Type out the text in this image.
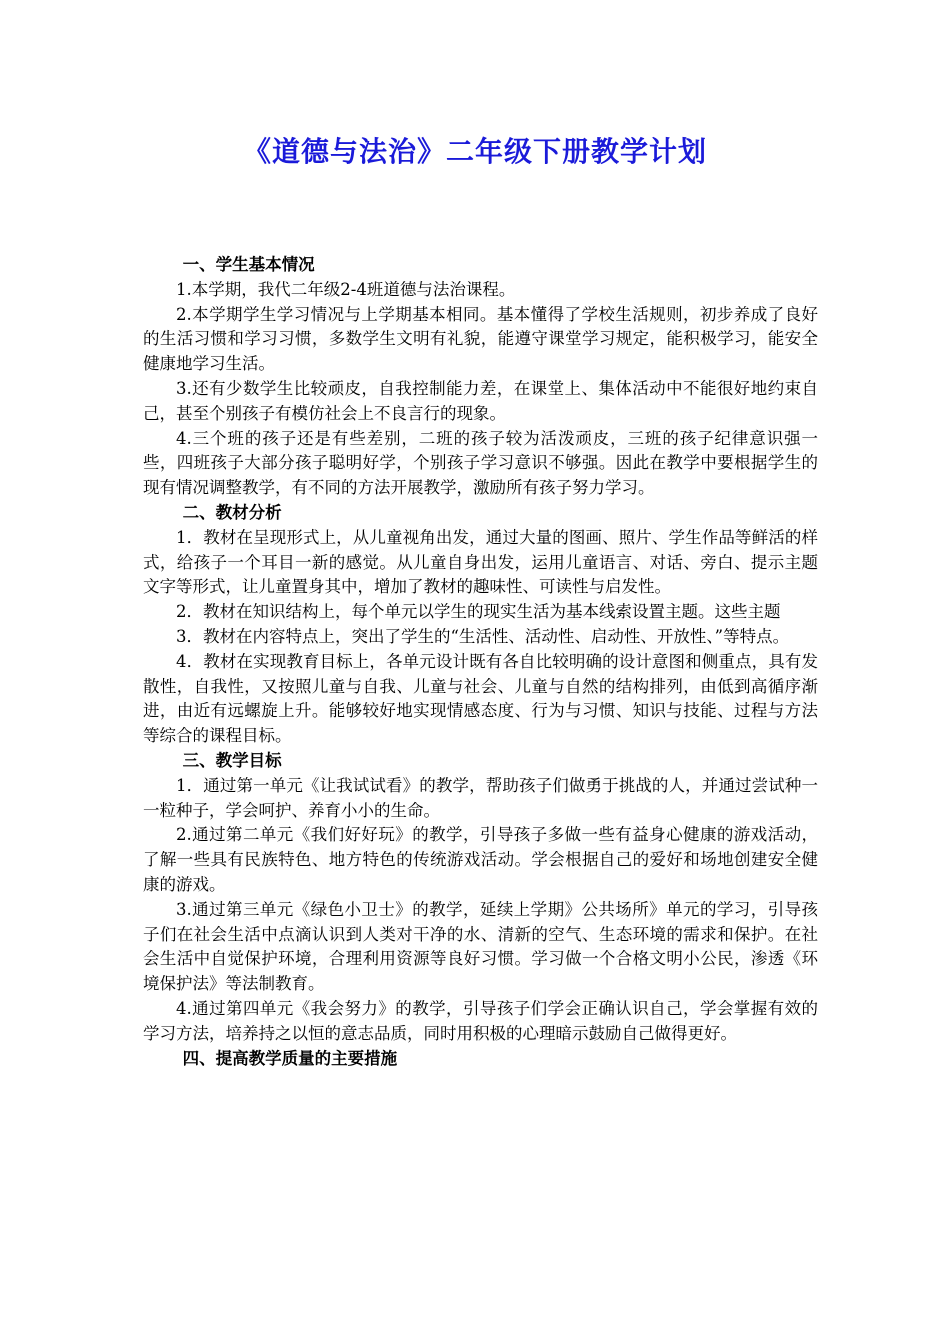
《道德与法治》二年级下册教学计划
一、学生基本情况

1.本学期，我代二年级2-4班道德与法治课程。

2.本学期学生学习情况与上学期基本相同。基本懂得了学校生活规则，初步养成了良好的生活习惯和学习习惯，多数学生文明有礼貌，能遵守课堂学习规定，能积极学习，能安全健康地学习生活。

3.还有少数学生比较顽皮，自我控制能力差，在课堂上、集体活动中不能很好地约束自己，甚至个别孩子有模仿社会上不良言行的现象。

4.三个班的孩子还是有些差别，二班的孩子较为活泼顽皮，三班的孩子纪律意识强一些，四班孩子大部分孩子聪明好学，个别孩子学习意识不够强。因此在教学中要根据学生的现有情况调整教学，有不同的方法开展教学，激励所有孩子努力学习。

二、教材分析

1．教材在呈现形式上，从儿童视角出发，通过大量的图画、照片、学生作品等鲜活的样式，给孩子一个耳目一新的感觉。从儿童自身出发，运用儿童语言、对话、旁白、提示主题文字等形式，让儿童置身其中，增加了教材的趣味性、可读性与启发性。

2．教材在知识结构上，每个单元以学生的现实生活为基本线索设置主题。这些主题

3．教材在内容特点上，突出了学生的“生活性、活动性、启动性、开放性、”等特点。

4．教材在实现教育目标上，各单元设计既有各自比较明确的设计意图和侧重点，具有发散性，自我性，又按照儿童与自我、儿童与社会、儿童与自然的结构排列，由低到高循序渐进，由近有远螺旋上升。能够较好地实现情感态度、行为与习惯、知识与技能、过程与方法等综合的课程目标。

三、教学目标

1．通过第一单元《让我试试看》的教学，帮助孩子们做勇于挑战的人，并通过尝试种一一粒种子，学会呵护、养育小小的生命。

2.通过第二单元《我们好好玩》的教学，引导孩子多做一些有益身心健康的游戏活动，了解一些具有民族特色、地方特色的传统游戏活动。学会根据自己的爱好和场地创建安全健康的游戏。

3.通过第三单元《绿色小卫士》的教学，延续上学期》公共场所》单元的学习，引导孩子们在社会生活中点滴认识到人类对干净的水、清新的空气、生态环境的需求和保护。在社会生活中自觉保护环境，合理利用资源等良好习惯。学习做一个合格文明小公民，渗透《环境保护法》等法制教育。

4.通过第四单元《我会努力》的教学，引导孩子们学会正确认识自己，学会掌握有效的学习方法，培养持之以恒的意志品质，同时用积极的心理暗示鼓励自己做得更好。

四、提高教学质量的主要措施
